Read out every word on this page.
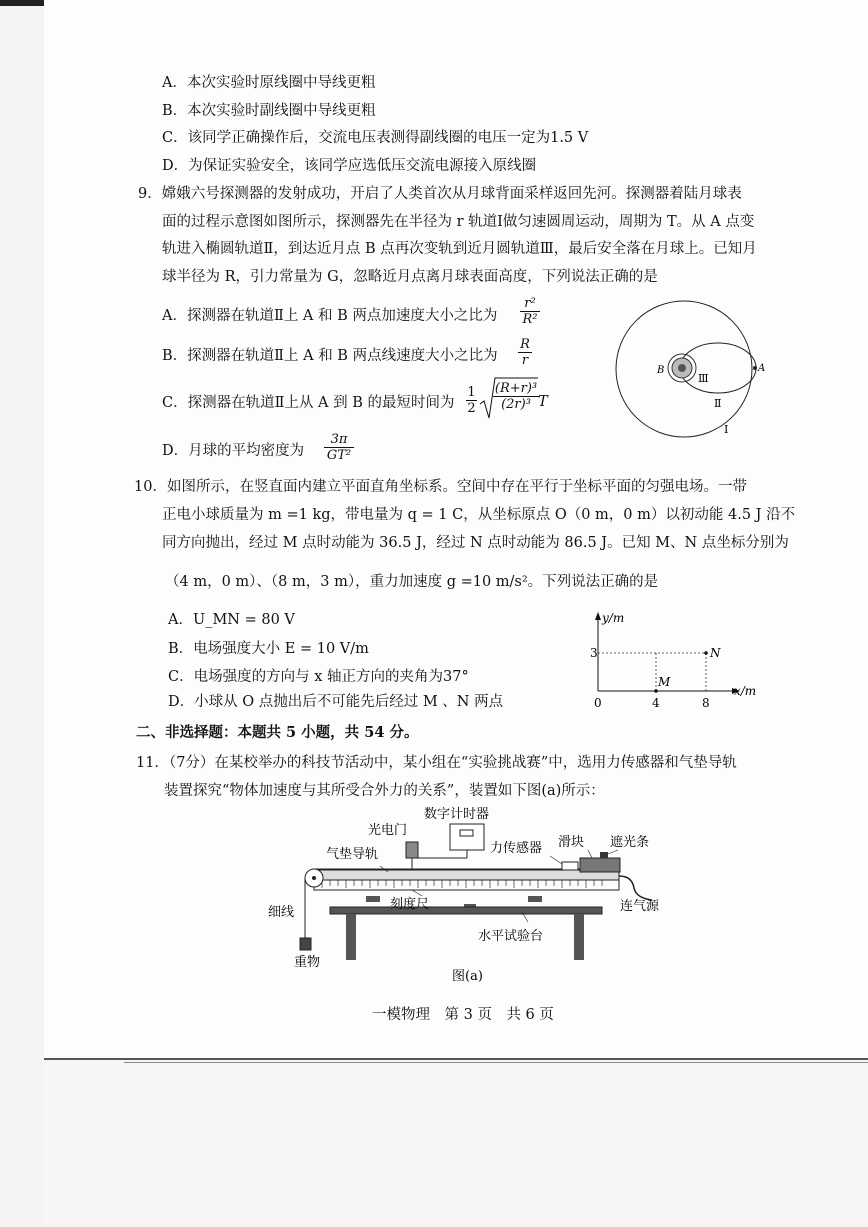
A．本次实验时原线圈中导线更粗
B．本次实验时副线圈中导线更粗
C．该同学正确操作后，交流电压表测得副线圈的电压一定为1.5 V
D．为保证实验安全，该同学应选低压交流电源接入原线圈
9．嫦娥六号探测器的发射成功，开启了人类首次从月球背面采样返回先河。探测器着陆月球表
面的过程示意图如图所示，探测器先在半径为 r 轨道Ⅰ做匀速圆周运动，周期为 T。从 A 点变
轨进入椭圆轨道Ⅱ，到达近月点 B 点再次变轨到近月圆轨道Ⅲ，最后安全落在月球上。已知月
球半径为 R，引力常量为 G，忽略近月点离月球表面高度，下列说法正确的是
A．探测器在轨道Ⅱ上 A 和 B 两点加速度大小之比为
r²
R²
B．探测器在轨道Ⅱ上 A 和 B 两点线速度大小之比为
R
r
C．探测器在轨道Ⅱ上从 A 到 B 的最短时间为
1
2
(R+r)³
(2r)³ T
D．月球的平均密度为
3π
GT²
B	A
Ⅲ
Ⅱ
Ⅰ
10．如图所示，在竖直面内建立平面直角坐标系。空间中存在平行于坐标平面的匀强电场。一带
正电小球质量为 m =1 kg，带电量为 q = 1 C，从坐标原点 O（0 m，0 m）以初动能 4.5 J 沿不
同方向抛出，经过 M 点时动能为 36.5 J，经过 N 点时动能为 86.5 J。已知 M、N 点坐标分别为
（4 m，0 m）、（8 m，3 m），重力加速度 g =10 m/s²。下列说法正确的是
A．U_MN = 80 V
B．电场强度大小 E = 10 V/m
C．电场强度的方向与 x 轴正方向的夹角为37°
D．小球从 O 点抛出后不可能先后经过 M 、N 两点
y/m
x/m
3
0	4	8
M
N
二、非选择题：本题共 5 小题，共 54 分。
11．（7分）在某校举办的科技节活动中，某小组在“实验挑战赛”中，选用力传感器和气垫导轨
装置探究“物体加速度与其所受合外力的关系”，装置如下图(a)所示：
数字计时器
光电门
气垫导轨	力传感器 滑块 遮光条
细线
刻度尺	连气源
水平试验台
重物
图(a)
一模物理　第 3 页　共 6 页
